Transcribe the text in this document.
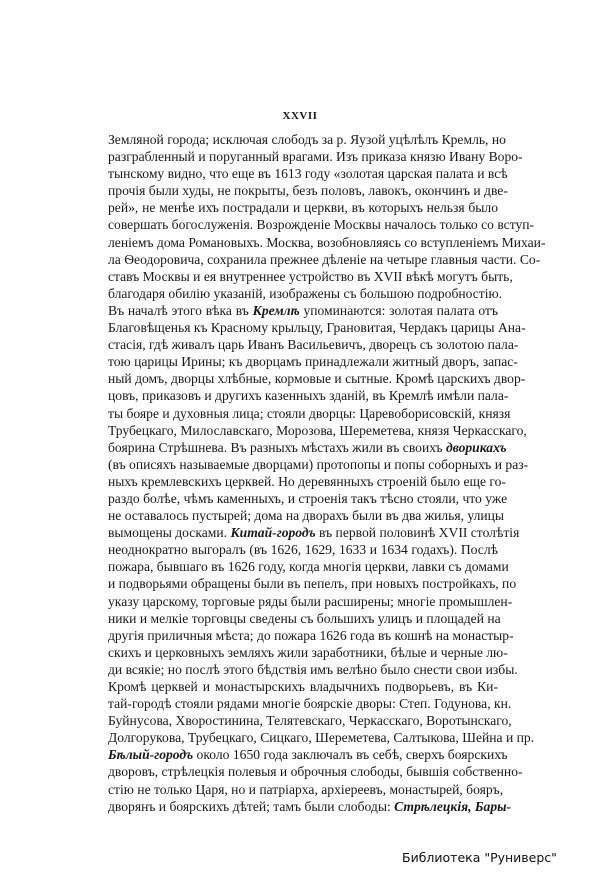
XXVII
Земляной города; исключая слободъ за р. Яузой уцѣлѣлъ Кремль, но
разграбленный и поруганный врагами. Изъ приказа князю Ивану Воро-
тынскому видно, что еще въ 1613 году «золотая царская палата и всѣ
прочія были худы, не покрыты, безъ половъ, лавокъ, окончинъ и две-
рей», не менѣе ихъ пострадали и церкви, въ которыхъ нельзя было
совершать богослуженія. Возрожденіе Москвы началось только со вступ-
леніемъ дома Романовыхъ. Москва, возобновляясь со вступленіемъ Михаи-
ла Ѳеодоровича, сохранила прежнее дѣленіе на четыре главныя части. Со-
ставъ Москвы и ея внутреннее устройство въ XVII вѣкѣ могутъ быть,
благодаря обилію указаній, изображены съ большою подробностію.
Въ началѣ этого вѣка въ Кремлѣ упоминаются: золотая палата отъ
Благовѣщенья къ Красному крыльцу, Грановитая, Чердакъ царицы Ана-
стасія, гдѣ живалъ царь Иванъ Васильевичъ, дворецъ съ золотою пала-
тою царицы Ирины; къ дворцамъ принадлежали житный дворъ, запас-
ный домъ, дворцы хлѣбные, кормовые и сытные. Кромѣ царскихъ двор-
цовъ, приказовъ и другихъ казенныхъ зданій, въ Кремлѣ имѣли пала-
ты бояре и духовныя лица; стояли дворцы: Царевоборисовскій, князя
Трубецкаго, Милославскаго, Морозова, Шереметева, князя Черкасскаго,
боярина Стрѣшнева. Въ разныхъ мѣстахъ жили въ своихъ дворикахъ
(въ описяхъ называемые дворцами) протопопы и попы соборныхъ и раз-
ныхъ кремлевскихъ церквей. Но деревянныхъ строеній было еще го-
раздо болѣе, чѣмъ каменныхъ, и строенія такъ тѣсно стояли, что уже
не оставалось пустырей; дома на дворахъ были въ два жилья, улицы
вымощены досками. Китай-городъ въ первой половинѣ XVII столѣтія
неоднократно выгоралъ (въ 1626, 1629, 1633 и 1634 годахъ). Послѣ
пожара, бывшаго въ 1626 году, когда многія церкви, лавки съ домами
и подворьями обращены были въ пепелъ, при новыхъ постройкахъ, по
указу царскому, торговые ряды были расширены; многіе промышлен-
ники и мелкіе торговцы сведены съ большихъ улицъ и площадей на
другія приличныя мѣста; до пожара 1626 года въ кошнѣ на монастыр-
скихъ и церковныхъ земляхъ жили заработники, бѣлые и черные лю-
ди всякіе; но послѣ этого бѣдствія имъ велѣно было снести свои избы.
Кромѣ церквей и монастырскихъ владычнихъ подворьевъ, въ Ки-
тай-городѣ стояли рядами многіе боярскіе дворы: Степ. Годунова, кн.
Буйнусова, Хворостинина, Телятевскаго, Черкасскаго, Воротынскаго,
Долгорукова, Трубецкаго, Сицкаго, Шереметева, Салтыкова, Шейна и пр.
Бѣлый-городъ около 1650 года заключалъ въ себѣ, сверхъ боярскихъ
дворовъ, стрѣлецкія полевыя и оброчныя слободы, бывшія собственно-
стію не только Царя, но и патріарха, архіереевъ, монастырей, бояръ,
дворянъ и боярскихъ дѣтей; тамъ были слободы: Стрѣлецкія, Бары-
Библиотека "Руниверс"
